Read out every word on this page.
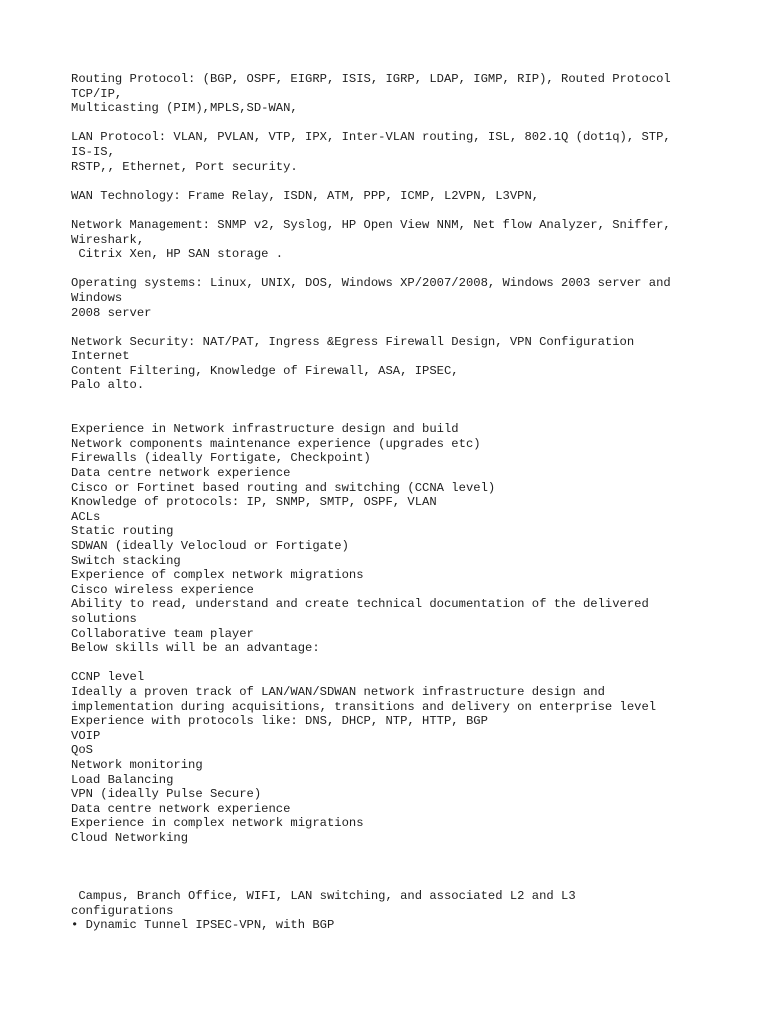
Routing Protocol: (BGP, OSPF, EIGRP, ISIS, IGRP, LDAP, IGMP, RIP), Routed Protocol
TCP/IP,
Multicasting (PIM),MPLS,SD-WAN,
LAN Protocol: VLAN, PVLAN, VTP, IPX, Inter-VLAN routing, ISL, 802.1Q (dot1q), STP,
IS-IS,
RSTP,, Ethernet, Port security.
WAN Technology: Frame Relay, ISDN, ATM, PPP, ICMP, L2VPN, L3VPN,
Network Management: SNMP v2, Syslog, HP Open View NNM, Net flow Analyzer, Sniffer,
Wireshark,
Citrix Xen, HP SAN storage .
Operating systems: Linux, UNIX, DOS, Windows XP/2007/2008, Windows 2003 server and
Windows
2008 server
Network Security: NAT/PAT, Ingress &Egress Firewall Design, VPN Configuration
Internet
Content Filtering, Knowledge of Firewall, ASA, IPSEC,
Palo alto.
Experience in Network infrastructure design and build
Network components maintenance experience (upgrades etc)
Firewalls (ideally Fortigate, Checkpoint)
Data centre network experience
Cisco or Fortinet based routing and switching (CCNA level)
Knowledge of protocols: IP, SNMP, SMTP, OSPF, VLAN
ACLs
Static routing
SDWAN (ideally Velocloud or Fortigate)
Switch stacking
Experience of complex network migrations
Cisco wireless experience
Ability to read, understand and create technical documentation of the delivered
solutions
Collaborative team player
Below skills will be an advantage:
CCNP level
Ideally a proven track of LAN/WAN/SDWAN network infrastructure design and
implementation during acquisitions, transitions and delivery on enterprise level
Experience with protocols like: DNS, DHCP, NTP, HTTP, BGP
VOIP
QoS
Network monitoring
Load Balancing
VPN (ideally Pulse Secure)
Data centre network experience
Experience in complex network migrations
Cloud Networking
Campus, Branch Office, WIFI, LAN switching, and associated L2 and L3
configurations
• Dynamic Tunnel IPSEC-VPN, with BGP
